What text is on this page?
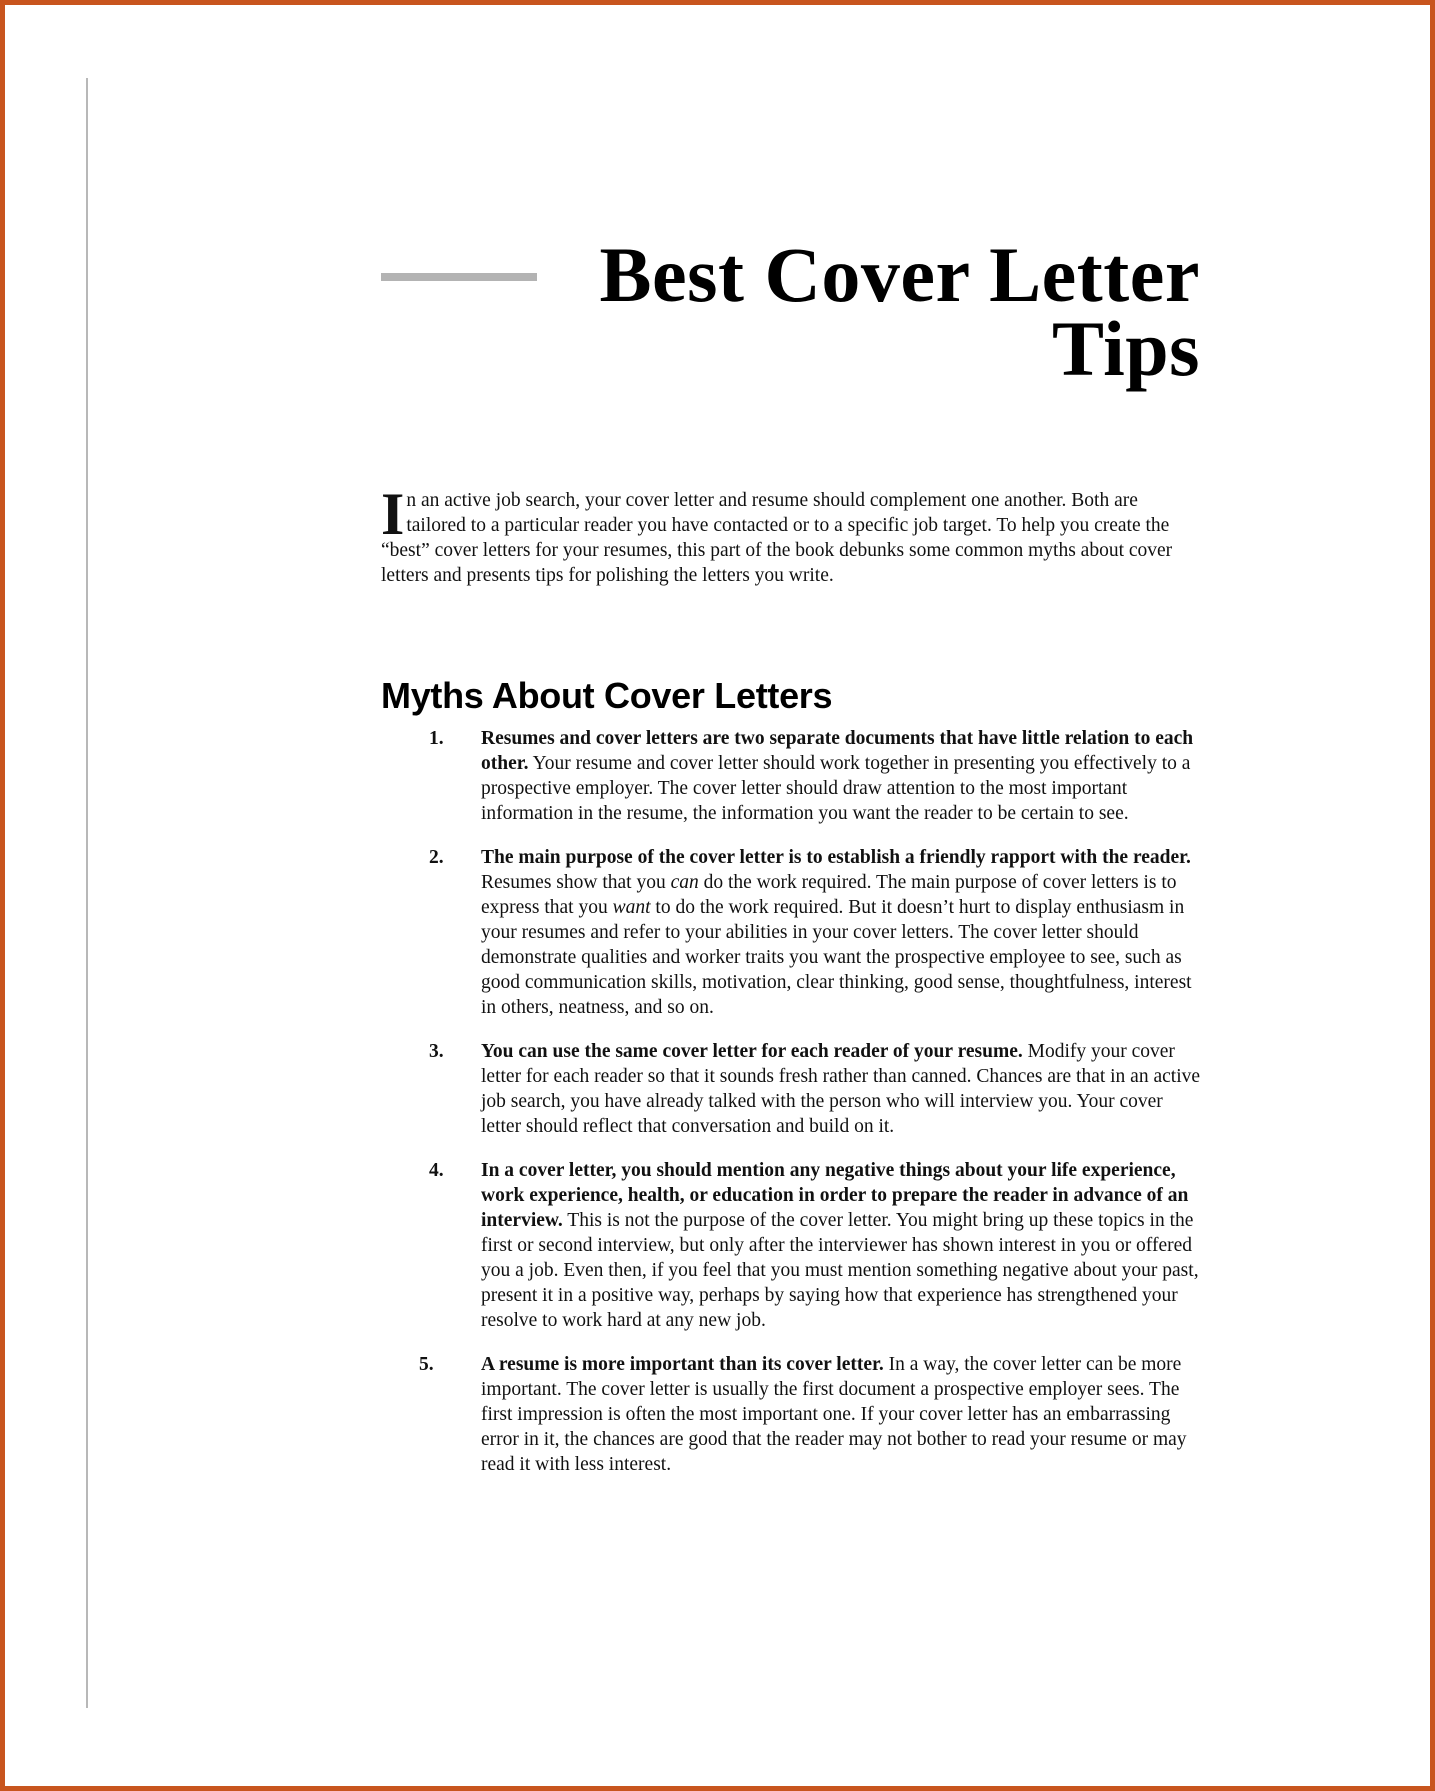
Best Cover Letter
Tips

In an active job search, your cover letter and resume should complement one another. Both are tailored to a particular reader you have contacted or to a specific job target. To help you create the “best” cover letters for your resumes, this part of the book debunks some common myths about cover letters and presents tips for polishing the letters you write.

Myths About Cover Letters
1. Resumes and cover letters are two separate documents that have little relation to each other. Your resume and cover letter should work together in presenting you effectively to a prospective employer. The cover letter should draw attention to the most important information in the resume, the information you want the reader to be certain to see.
2. The main purpose of the cover letter is to establish a friendly rapport with the reader. Resumes show that you can do the work required. The main purpose of cover letters is to express that you want to do the work required. But it doesn’t hurt to display enthusiasm in your resumes and refer to your abilities in your cover letters. The cover letter should demonstrate qualities and worker traits you want the prospective employee to see, such as good communication skills, motivation, clear thinking, good sense, thoughtfulness, interest in others, neatness, and so on.
3. You can use the same cover letter for each reader of your resume. Modify your cover letter for each reader so that it sounds fresh rather than canned. Chances are that in an active job search, you have already talked with the person who will interview you. Your cover letter should reflect that conversation and build on it.
4. In a cover letter, you should mention any negative things about your life experience, work experience, health, or education in order to prepare the reader in advance of an interview. This is not the purpose of the cover letter. You might bring up these topics in the first or second interview, but only after the interviewer has shown interest in you or offered you a job. Even then, if you feel that you must mention something negative about your past, present it in a positive way, perhaps by saying how that experience has strengthened your resolve to work hard at any new job.
5. A resume is more important than its cover letter. In a way, the cover letter can be more important. The cover letter is usually the first document a prospective employer sees. The first impression is often the most important one. If your cover letter has an embarrassing error in it, the chances are good that the reader may not bother to read your resume or may read it with less interest.
